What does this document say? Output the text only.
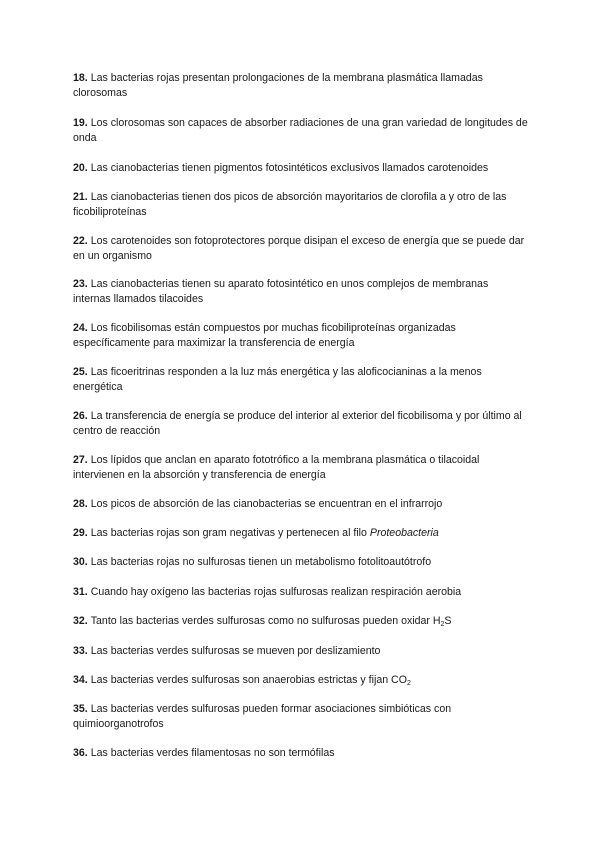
18. Las bacterias rojas presentan prolongaciones de la membrana plasmática llamadas clorosomas

19. Los clorosomas son capaces de absorber radiaciones de una gran variedad de longitudes de onda

20. Las cianobacterias tienen pigmentos fotosintéticos exclusivos llamados carotenoides

21. Las cianobacterias tienen dos picos de absorción mayoritarios de clorofila a y otro de las ficobiliproteínas

22. Los carotenoides son fotoprotectores porque disipan el exceso de energía que se puede dar en un organismo

23. Las cianobacterias tienen su aparato fotosintético en unos complejos de membranas internas llamados tilacoides

24. Los ficobilisomas están compuestos por muchas ficobiliproteínas organizadas específicamente para maximizar la transferencia de energía

25. Las ficoeritrinas responden a la luz más energética y las aloficocianinas a la menos energética

26. La transferencia de energía se produce del interior al exterior del ficobilisoma y por último al centro de reacción

27. Los lípidos que anclan en aparato fototrófico a la membrana plasmática o tilacoidal intervienen en la absorción y transferencia de energía

28. Los picos de absorción de las cianobacterias se encuentran en el infrarrojo

29. Las bacterias rojas son gram negativas y pertenecen al filo Proteobacteria

30. Las bacterias rojas no sulfurosas tienen un metabolismo fotolitoautótrofo

31. Cuando hay oxígeno las bacterias rojas sulfurosas realizan respiración aerobia

32. Tanto las bacterias verdes sulfurosas como no sulfurosas pueden oxidar $H_2S$

33. Las bacterias verdes sulfurosas se mueven por deslizamiento

34. Las bacterias verdes sulfurosas son anaerobias estrictas y fijan $CO_2$

35. Las bacterias verdes sulfurosas pueden formar asociaciones simbióticas con quimioorganotrofos

36. Las bacterias verdes filamentosas no son termófilas
